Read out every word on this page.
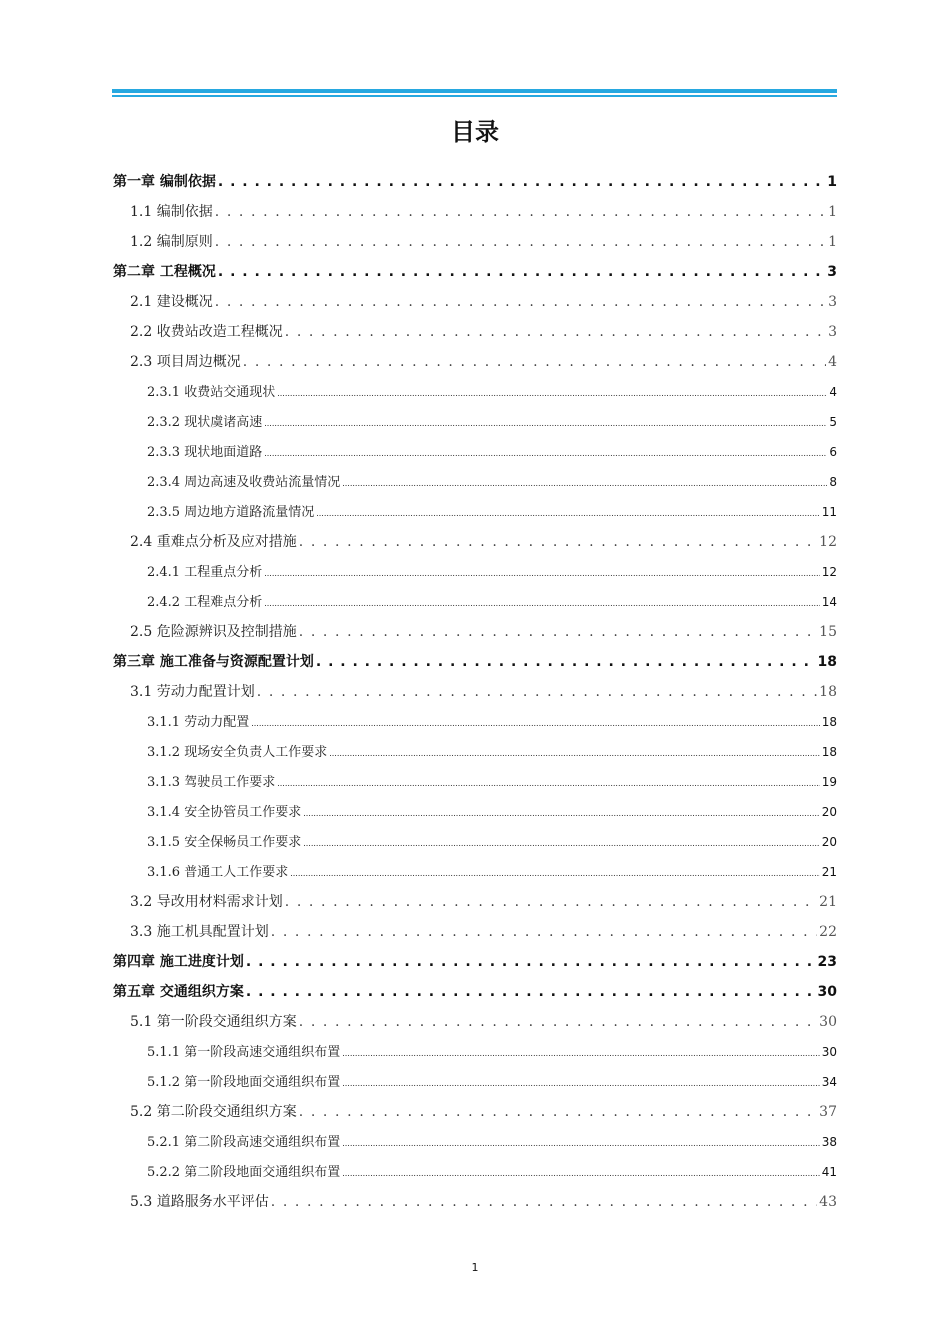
目录
第一章 编制依据 . . .	1
1.1 编制依据 . . .	1
1.2 编制原则 . . .	1
第二章 工程概况 . . .	3
2.1 建设概况 . . .	3
2.2 收费站改造工程概况 . . .	3
2.3 项目周边概况 . . .	4
2.3.1 收费站交通现状 .....	4
2.3.2 现状虞诸高速 .....	5
2.3.3 现状地面道路 .....	6
2.3.4 周边高速及收费站流量情况 .....	8
2.3.5 周边地方道路流量情况 .....	11
2.4 重难点分析及应对措施 . . .	12
2.4.1 工程重点分析 .....	12
2.4.2 工程难点分析 .....	14
2.5 危险源辨识及控制措施 . . .	15
第三章 施工准备与资源配置计划 . . .	18
3.1 劳动力配置计划 . . .	18
3.1.1 劳动力配置 .....	18
3.1.2 现场安全负责人工作要求 .....	18
3.1.3 驾驶员工作要求 .....	19
3.1.4 安全协管员工作要求 .....	20
3.1.5 安全保畅员工作要求 .....	20
3.1.6 普通工人工作要求 .....	21
3.2 导改用材料需求计划 . . .	21
3.3 施工机具配置计划 . . .	22
第四章 施工进度计划 . . .	23
第五章 交通组织方案 . . .	30
5.1 第一阶段交通组织方案 . . .	30
5.1.1 第一阶段高速交通组织布置 .....	30
5.1.2 第一阶段地面交通组织布置 .....	34
5.2 第二阶段交通组织方案 . . .	37
5.2.1 第二阶段高速交通组织布置 .....	38
5.2.2 第二阶段地面交通组织布置 .....	41
5.3 道路服务水平评估 . . .	43
1
